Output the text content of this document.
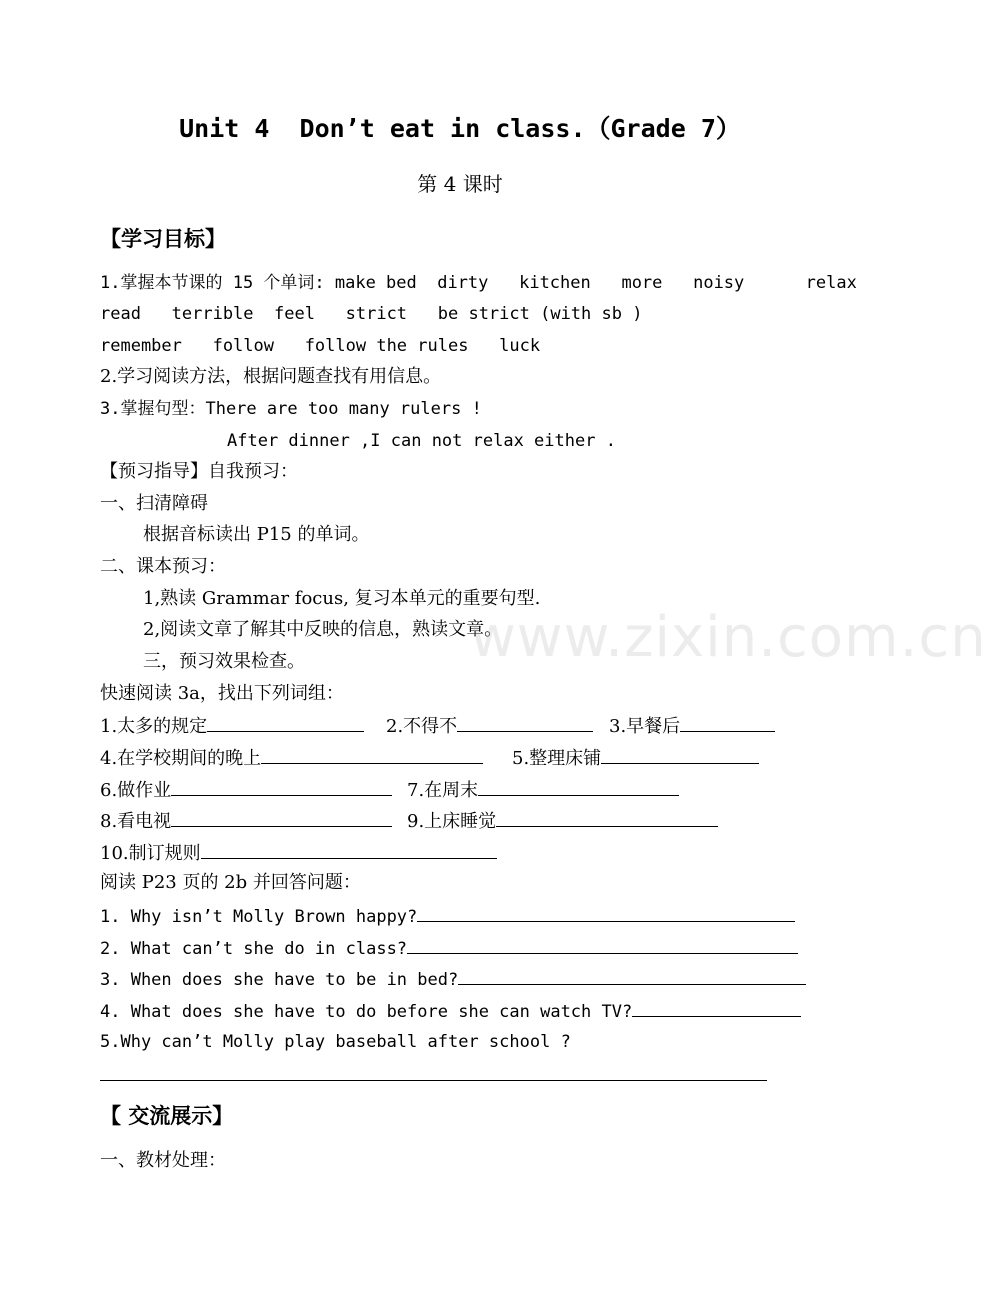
Unit 4  Don’t eat in class.（Grade 7）
第 4 课时
【学习目标】
1.掌握本节课的 15 个单词: make bed  dirty   kitchen   more   noisy      relax
read   terrible  feel   strict   be strict (with sb )
remember   follow   follow the rules   luck
2.学习阅读方法，根据问题查找有用信息。
3.掌握句型：There are too many rulers !
After dinner ,I can not relax either .
【预习指导】自我预习：
一、扫清障碍
根据音标读出 P15 的单词。
二、课本预习：
1,熟读 Grammar focus, 复习本单元的重要句型.
2,阅读文章了解其中反映的信息，熟读文章。
三，预习效果检查。
快速阅读 3a，找出下列词组：
1.太多的规定	2.不得不	3.早餐后
4.在学校期间的晚上	5.整理床铺
6.做作业	7.在周末
8.看电视	9.上床睡觉
10.制订规则
阅读 P23 页的 2b 并回答问题：
1. Why isn’t Molly Brown happy?
2. What can’t she do in class?
3. When does she have to be in bed?
4. What does she have to do before she can watch TV?
5.Why can’t Molly play baseball after school ?
【 交流展示】
一、教材处理：
www.zixin.com.cn
